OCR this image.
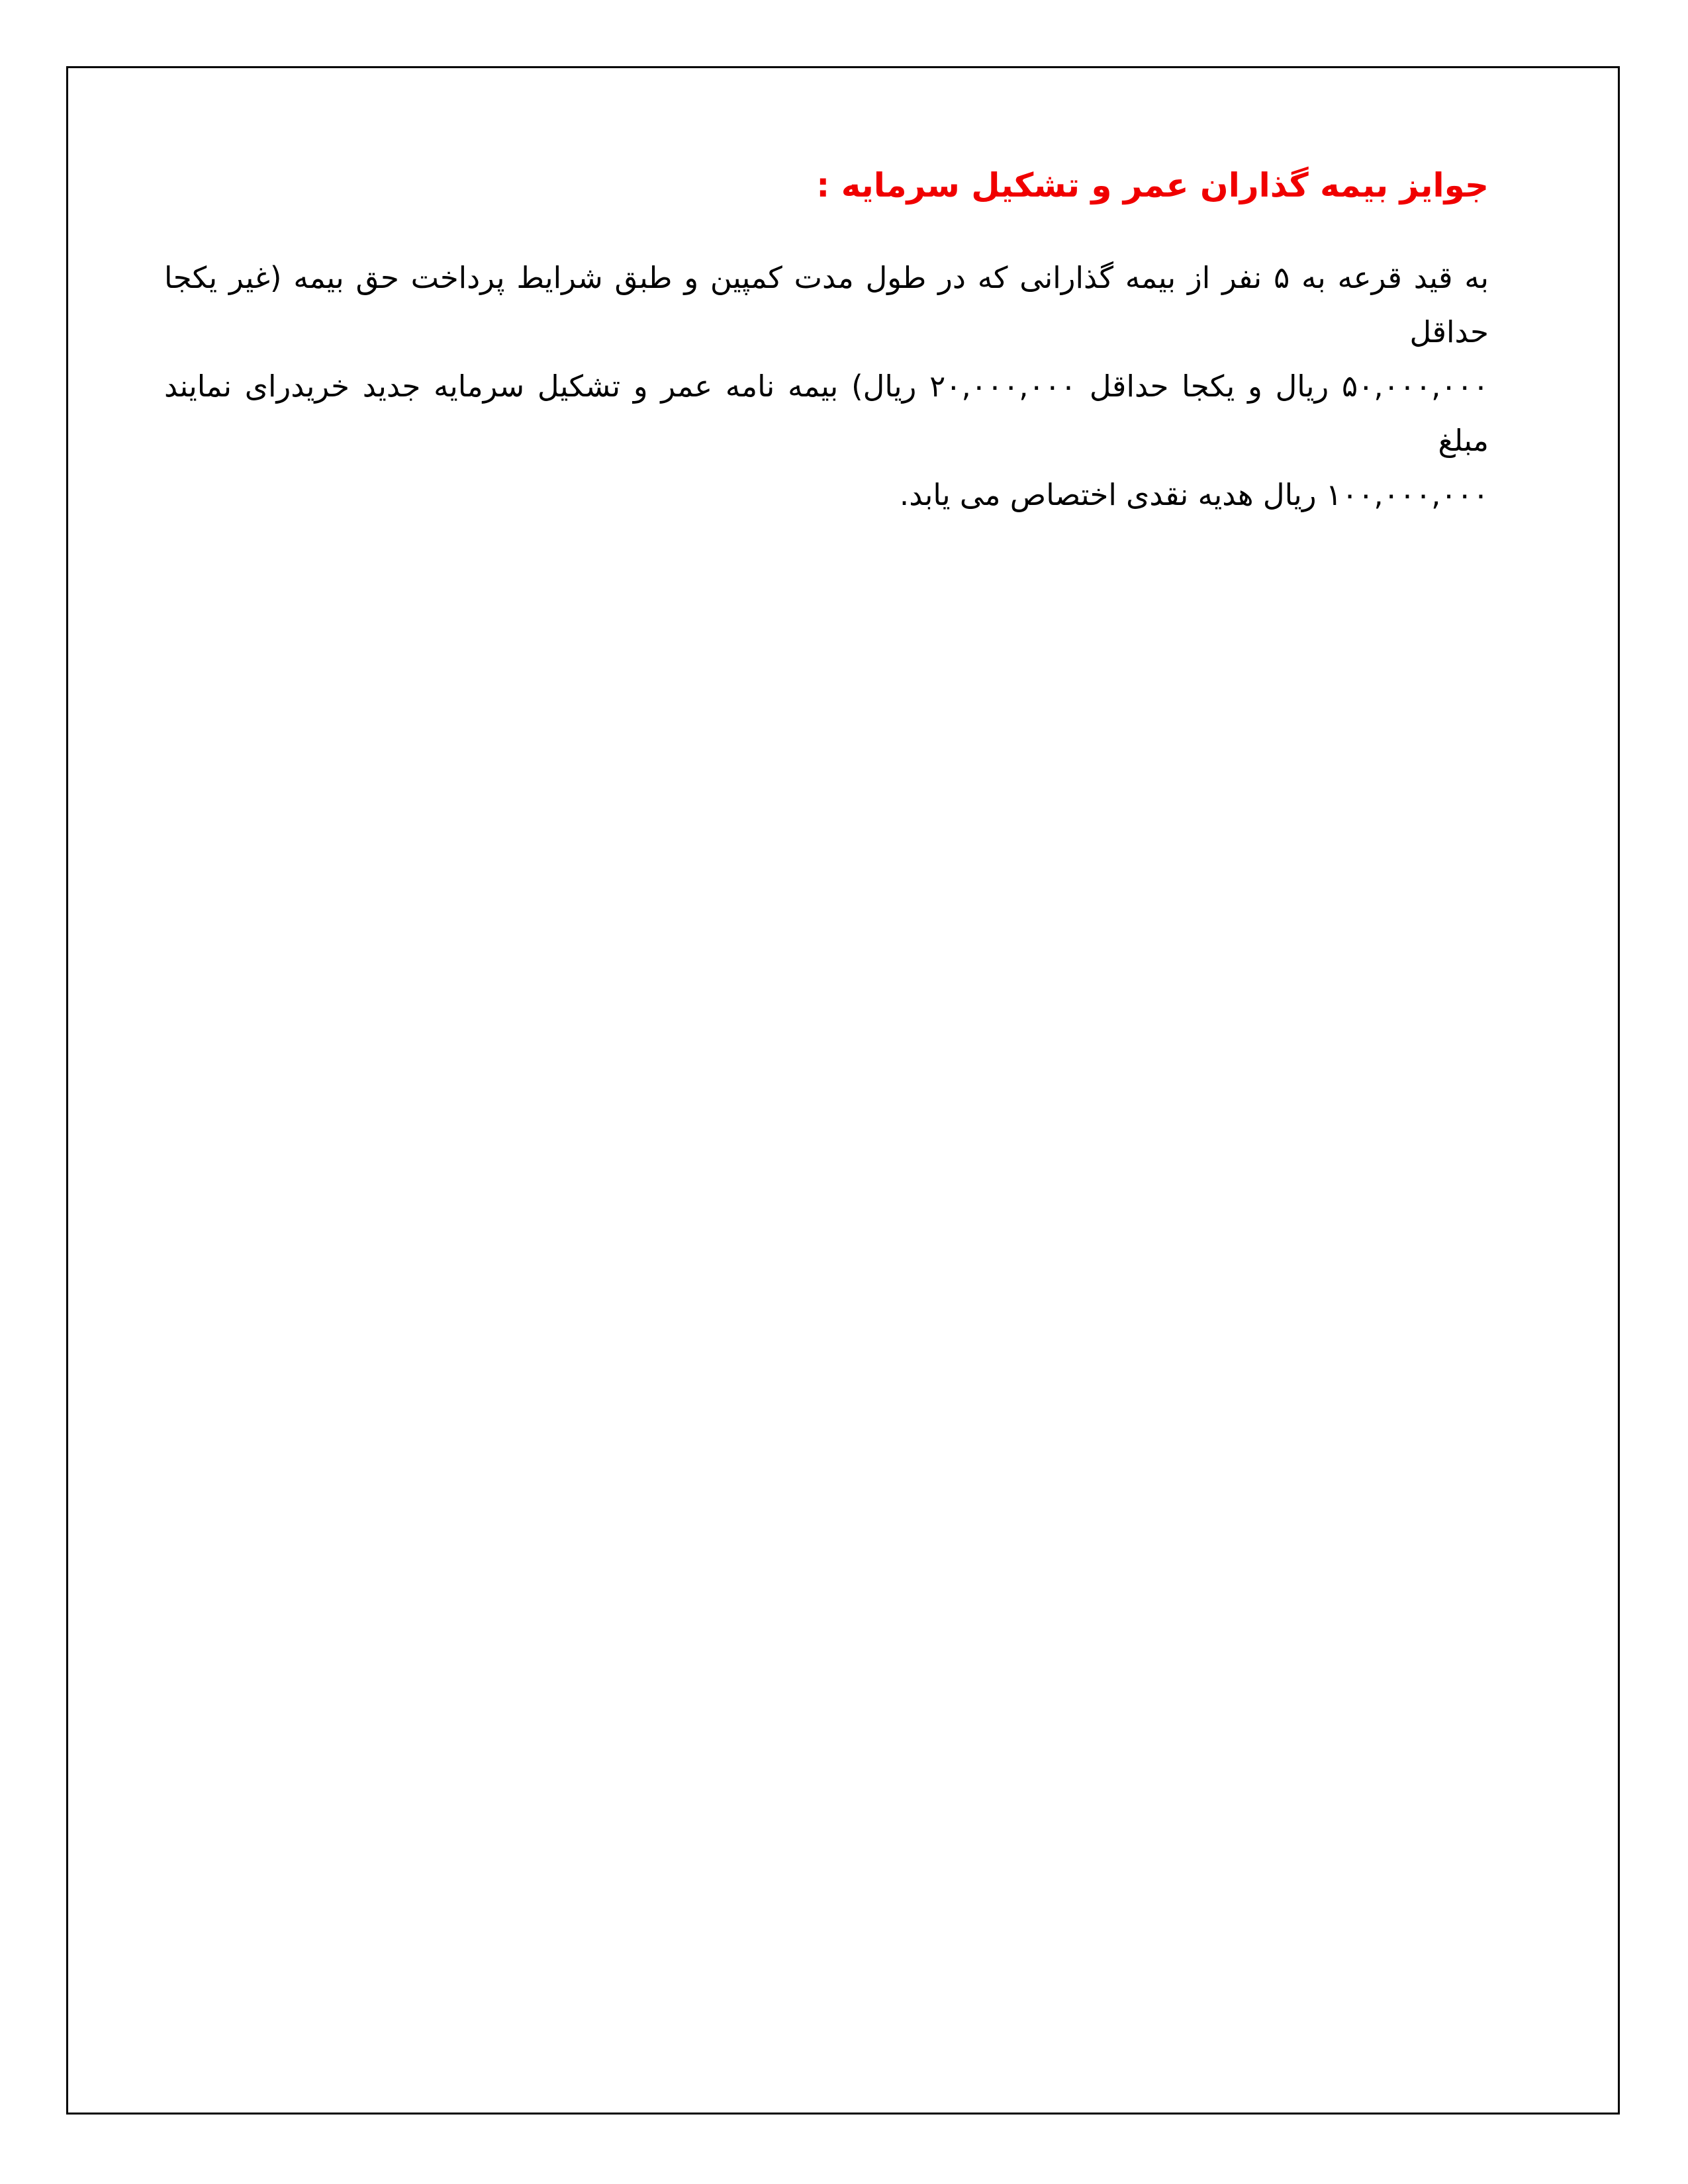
جوایز بیمه گذاران عمر و تشکیل سرمایه :
به قید قرعه به ۵ نفر از بیمه گذارانی که در طول مدت کمپین و طبق شرایط پرداخت حق بیمه (غیر یکجا حداقل
۵۰,۰۰۰,۰۰۰ ریال و یکجا حداقل ۲۰,۰۰۰,۰۰۰ ریال) بیمه نامه عمر و تشکیل سرمایه جدید خریدرای نمایند مبلغ
۱۰۰,۰۰۰,۰۰۰ ریال هدیه نقدی اختصاص می یابد.
